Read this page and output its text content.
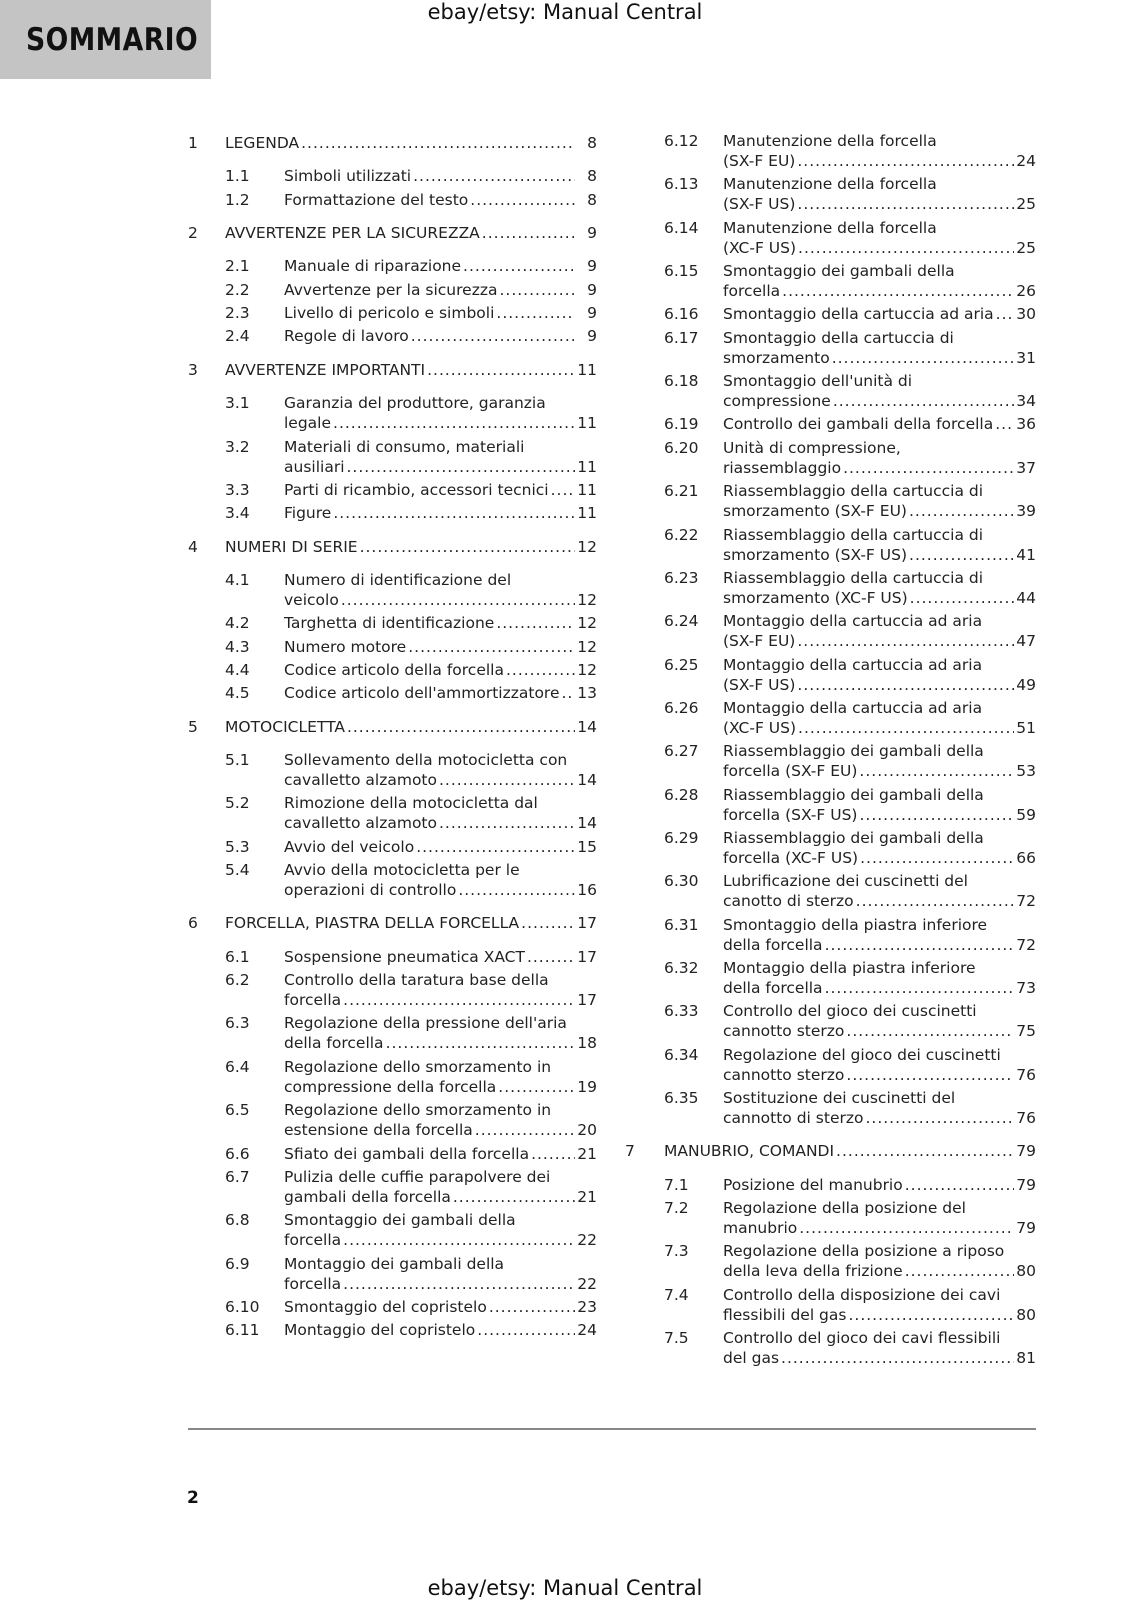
SOMMARIO
ebay/etsy: Manual Central
1 LEGENDA .....	8
1.1 Simboli utilizzati .....	8
1.2 Formattazione del testo .....	8
2 AVVERTENZE PER LA SICUREZZA .....	9
2.1 Manuale di riparazione .....	9
2.2 Avvertenze per la sicurezza .....	9
2.3 Livello di pericolo e simboli .....	9
2.4 Regole di lavoro .....	9
3 AVVERTENZE IMPORTANTI .....	11
3.1 Garanzia del produttore, garanzia
legale .....	11
3.2 Materiali di consumo, materiali
ausiliari .....	11
3.3 Parti di ricambio, accessori tecnici ..... 11
3.4 Figure .....	11
4 NUMERI DI SERIE .....	12
4.1 Numero di identificazione del
veicolo .....	12
4.2 Targhetta di identificazione .....	12
4.3 Numero motore .....	12
4.4 Codice articolo della forcella .....	12
4.5 Codice articolo dell'ammortizzatore ..... 13
5 MOTOCICLETTA .....	14
5.1 Sollevamento della motocicletta con
cavalletto alzamoto .....	14
5.2 Rimozione della motocicletta dal
cavalletto alzamoto .....	14
5.3 Avvio del veicolo .....	15
5.4 Avvio della motocicletta per le
operazioni di controllo .....	16
6 FORCELLA, PIASTRA DELLA FORCELLA .....	17
6.1 Sospensione pneumatica XACT .....	17
6.2 Controllo della taratura base della
forcella .....	17
6.3 Regolazione della pressione dell'aria
della forcella .....	18
6.4 Regolazione dello smorzamento in
compressione della forcella .....	19
6.5 Regolazione dello smorzamento in
estensione della forcella .....	20
6.6 Sfiato dei gambali della forcella .....	21
6.7 Pulizia delle cuffie parapolvere dei
gambali della forcella .....	21
6.8 Smontaggio dei gambali della
forcella .....	22
6.9 Montaggio dei gambali della
forcella .....	22
6.10 Smontaggio del copristelo .....	23
6.11 Montaggio del copristelo .....	24
6.12 Manutenzione della forcella
(SX-F EU) .....	24
6.13 Manutenzione della forcella
(SX-F US) .....	25
6.14 Manutenzione della forcella
(XC-F US) .....	25
6.15 Smontaggio dei gambali della
forcella .....	26
6.16 Smontaggio della cartuccia ad aria ..... 30
6.17 Smontaggio della cartuccia di
smorzamento .....	31
6.18 Smontaggio dell'unità di
compressione .....	34
6.19 Controllo dei gambali della forcella ..... 36
6.20 Unità di compressione,
riassemblaggio .....	37
6.21 Riassemblaggio della cartuccia di
smorzamento (SX-F EU) .....	39
6.22 Riassemblaggio della cartuccia di
smorzamento (SX-F US) .....	41
6.23 Riassemblaggio della cartuccia di
smorzamento (XC-F US) .....	44
6.24 Montaggio della cartuccia ad aria
(SX-F EU) .....	47
6.25 Montaggio della cartuccia ad aria
(SX-F US) .....	49
6.26 Montaggio della cartuccia ad aria
(XC-F US) .....	51
6.27 Riassemblaggio dei gambali della
forcella (SX-F EU) .....	53
6.28 Riassemblaggio dei gambali della
forcella (SX-F US) .....	59
6.29 Riassemblaggio dei gambali della
forcella (XC-F US) .....	66
6.30 Lubrificazione dei cuscinetti del
canotto di sterzo .....	72
6.31 Smontaggio della piastra inferiore
della forcella .....	72
6.32 Montaggio della piastra inferiore
della forcella .....	73
6.33 Controllo del gioco dei cuscinetti
cannotto sterzo .....	75
6.34 Regolazione del gioco dei cuscinetti
cannotto sterzo .....	76
6.35 Sostituzione dei cuscinetti del
cannotto di sterzo .....	76
7 MANUBRIO, COMANDI .....	79
7.1 Posizione del manubrio .....	79
7.2 Regolazione della posizione del
manubrio .....	79
7.3 Regolazione della posizione a riposo
della leva della frizione .....	80
7.4 Controllo della disposizione dei cavi
flessibili del gas .....	80
7.5 Controllo del gioco dei cavi flessibili
del gas .....	81
2
ebay/etsy: Manual Central
